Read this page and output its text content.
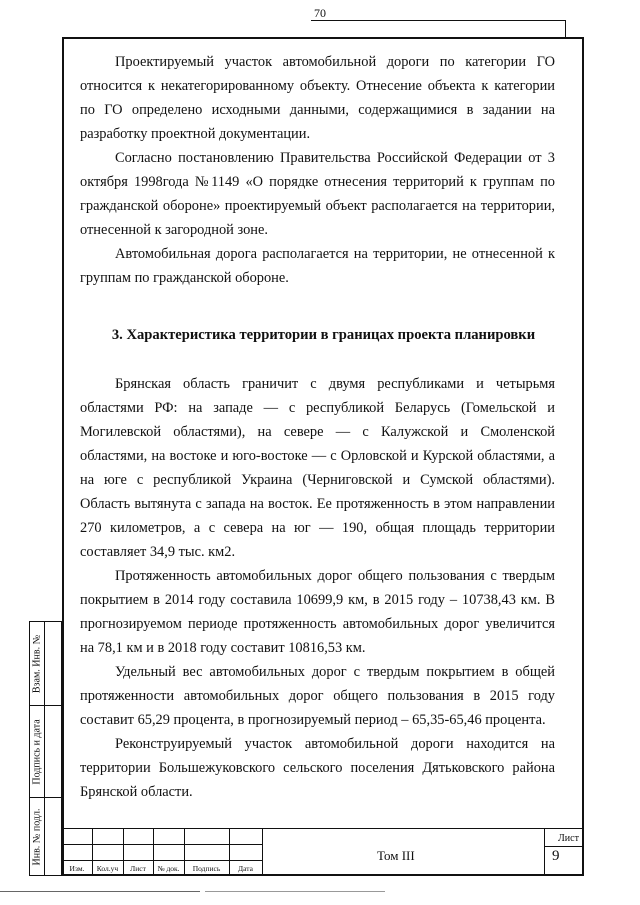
70

Проектируемый участок автомобильной дороги по категории ГО относится к некатегорированному объекту. Отнесение объекта к категории по ГО определено исходными данными, содержащимися в задании на разработку проектной документации.

Согласно постановлению Правительства Российской Федерации от 3 октября 1998года №1149 «О порядке отнесения территорий к группам по гражданской обороне» проектируемый объект располагается на территории, отнесенной к загородной зоне.

Автомобильная дорога располагается на территории, не отнесенной к группам по гражданской обороне.

3. Характеристика территории в границах проекта планировки

Брянская область граничит с двумя республиками и четырьмя областями РФ: на западе — с республикой Беларусь (Гомельской и Могилевской областями), на севере — с Калужской и Смоленской областями, на востоке и юго-востоке — с Орловской и Курской областями, а на юге с республикой Украина (Черниговской и Сумской областями). Область вытянута с запада на восток. Ее протяженность в этом направлении 270 километров, а с севера на юг — 190, общая площадь территории составляет 34,9 тыс. км2.

Протяженность автомобильных дорог общего пользования с твердым покрытием в 2014 году составила 10699,9 км, в 2015 году – 10738,43 км. В прогнозируемом периоде протяженность автомобильных дорог увеличится на 78,1 км и в 2018 году составит 10816,53 км.

Удельный вес автомобильных дорог с твердым покрытием в общей протяженности автомобильных дорог общего пользования в 2015 году составит 65,29 процента, в прогнозируемый период – 65,35-65,46 процента.

Реконструируемый участок автомобильной дороги находится на территории Большежуковского сельского поселения Дятьковского района Брянской области.

Взам. Инв. №
Подпись и дата
Инв. № подл.
Изм.	Кол.уч	Лист	№ док.	Подпись	Дата
Том III
Лист
9
